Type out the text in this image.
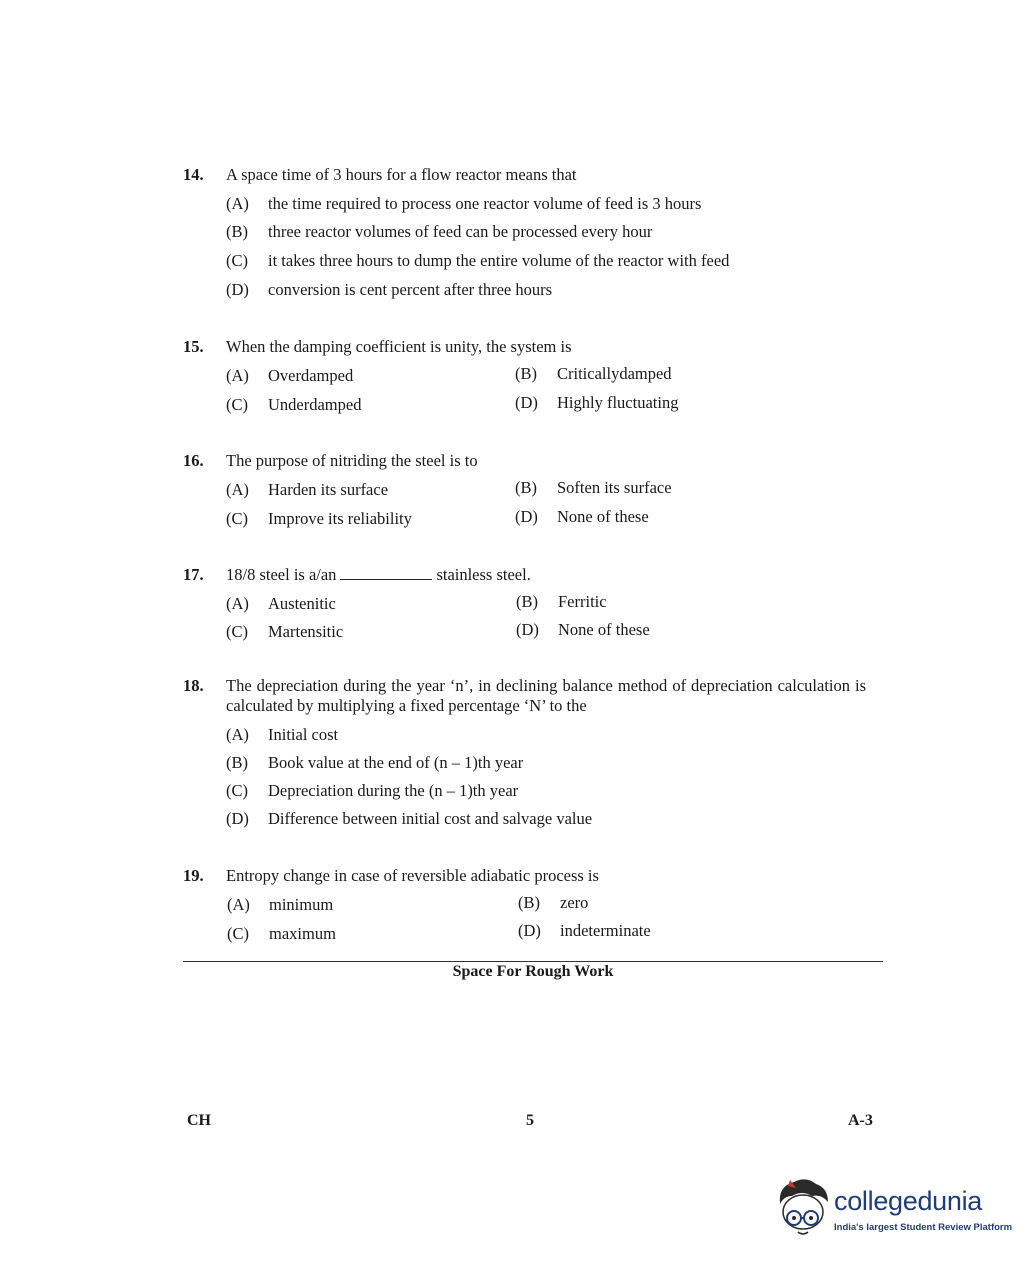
14. A space time of 3 hours for a flow reactor means that
(A) the time required to process one reactor volume of feed is 3 hours
(B) three reactor volumes of feed can be processed every hour
(C) it takes three hours to dump the entire volume of the reactor with feed
(D) conversion is cent percent after three hours
15. When the damping coefficient is unity, the system is
(A) Overdamped	(B) Criticallydamped
(C) Underdamped	(D) Highly fluctuating
16. The purpose of nitriding the steel is to
(A) Harden its surface	(B) Soften its surface
(C) Improve its reliability	(D) None of these
17. 18/8 steel is a/an	stainless steel.
(A) Austenitic	(B) Ferritic
(C) Martensitic	(D) None of these
18. The depreciation during the year ‘n’, in declining balance method of depreciation calculation is calculated by multiplying a fixed percentage ‘N’ to the
(A) Initial cost
(B) Book value at the end of (n – 1)th year
(C) Depreciation during the (n – 1)th year
(D) Difference between initial cost and salvage value
19. Entropy change in case of reversible adiabatic process is
(A) minimum	(B) zero
(C) maximum	(D) indeterminate
Space For Rough Work
CH	5	A-3
collegedunia
India's largest Student Review Platform
